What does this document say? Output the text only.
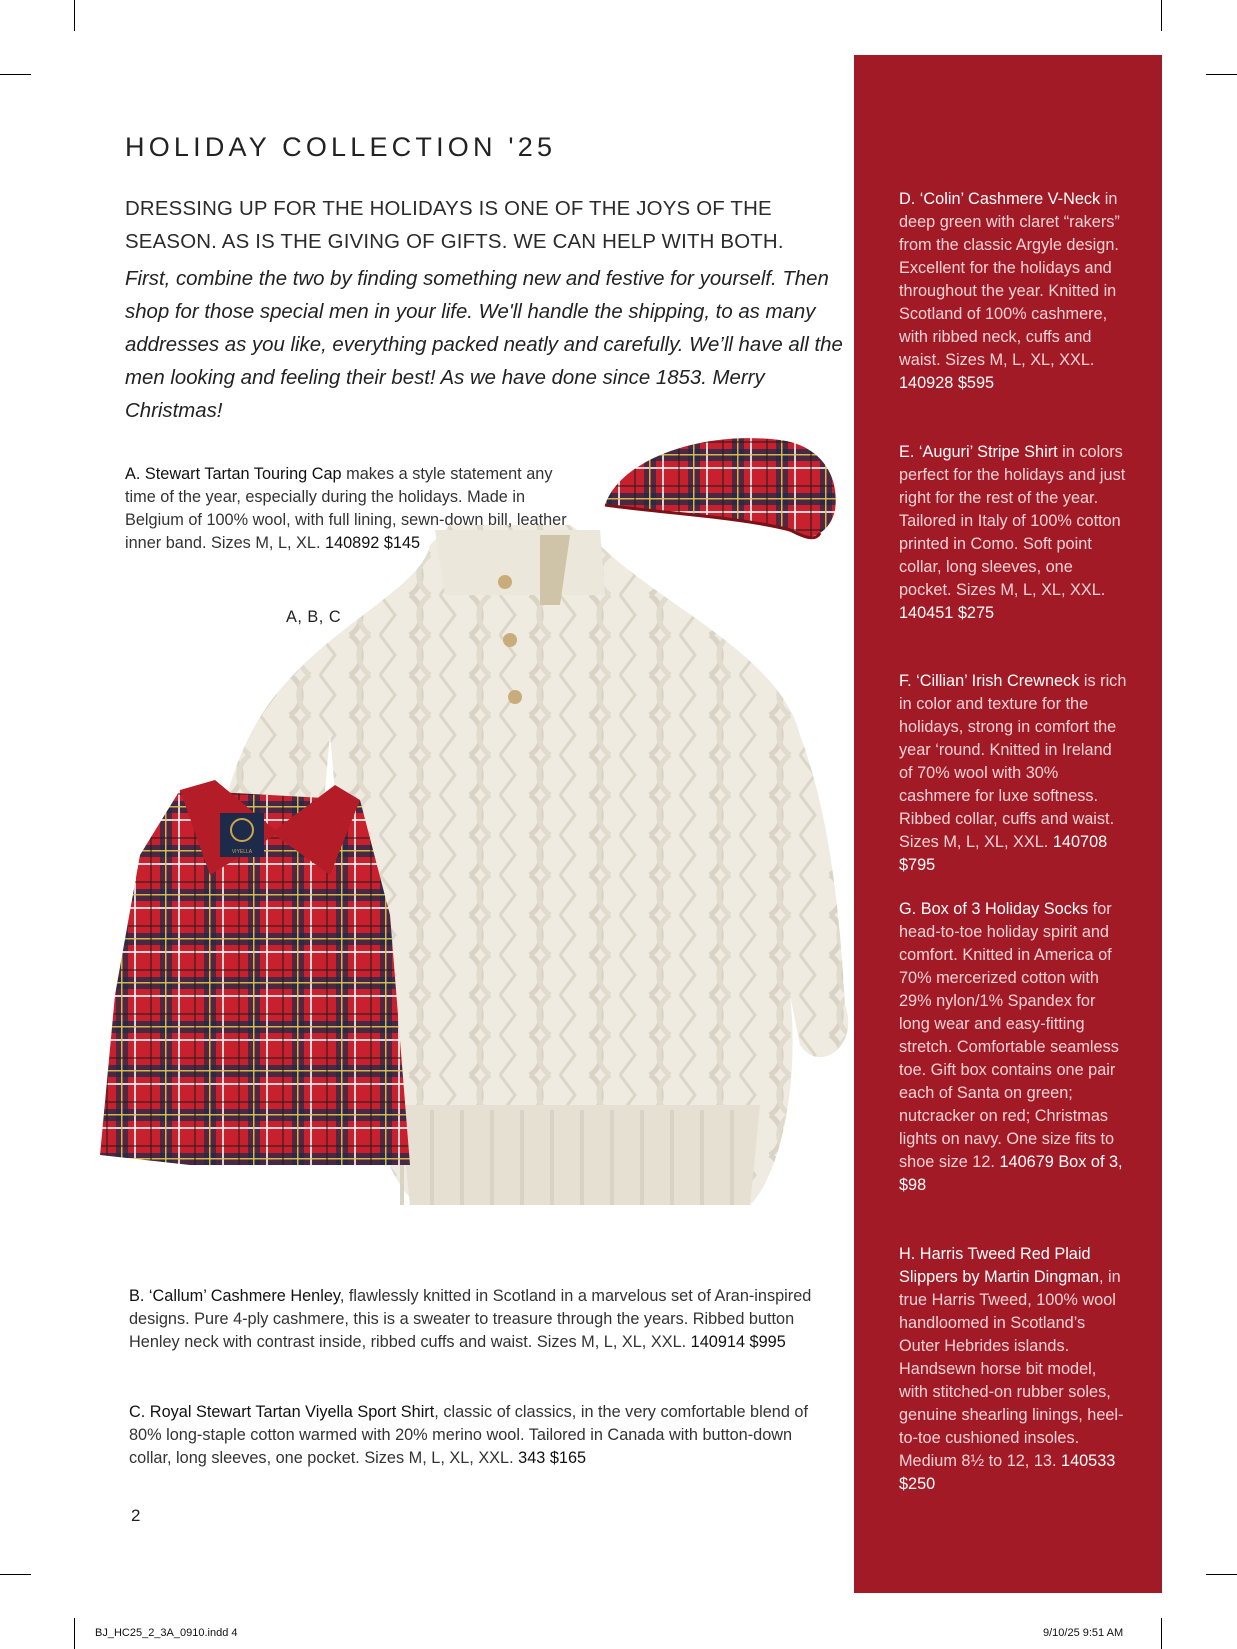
HOLIDAY COLLECTION '25
DRESSING UP FOR THE HOLIDAYS IS ONE OF THE JOYS OF THE SEASON. AS IS THE GIVING OF GIFTS. WE CAN HELP WITH BOTH.
First, combine the two by finding something new and festive for yourself. Then shop for those special men in your life. We'll handle the shipping, to as many addresses as you like, everything packed neatly and carefully. We’ll have all the men looking and feeling their best! As we have done since 1853. Merry Christmas!
VIYELLA
A. Stewart Tartan Touring Cap makes a style statement any time of the year, especially during the holidays. Made in Belgium of 100% wool, with full lining, sewn-down bill, leather inner band. Sizes M, L, XL. 140892 $145
A, B, C
B. ‘Callum’ Cashmere Henley, flawlessly knitted in Scotland in a marvelous set of Aran-inspired designs. Pure 4-ply cashmere, this is a sweater to treasure through the years. Ribbed button Henley neck with contrast inside, ribbed cuffs and waist. Sizes M, L, XL, XXL. 140914 $995
C. Royal Stewart Tartan Viyella Sport Shirt, classic of classics, in the very comfortable blend of 80% long-staple cotton warmed with 20% merino wool. Tailored in Canada with button-down collar, long sleeves, one pocket. Sizes M, L, XL, XXL. 343 $165
2
D. ‘Colin’ Cashmere V-Neck in deep green with claret “rakers” from the classic Argyle design. Excellent for the holidays and throughout the year. Knitted in Scotland of 100% cashmere, with ribbed neck, cuffs and waist. Sizes M, L, XL, XXL. 140928 $595
E. ‘Auguri’ Stripe Shirt in colors perfect for the holidays and just right for the rest of the year. Tailored in Italy of 100% cotton printed in Como. Soft point collar, long sleeves, one pocket. Sizes M, L, XL, XXL. 140451 $275
F. ‘Cillian’ Irish Crewneck is rich in color and texture for the holidays, strong in comfort the year ‘round. Knitted in Ireland of 70% wool with 30% cashmere for luxe softness. Ribbed collar, cuffs and waist. Sizes M, L, XL, XXL. 140708 $795
G. Box of 3 Holiday Socks for head-to-toe holiday spirit and comfort. Knitted in America of 70% mercerized cotton with 29% nylon/1% Spandex for long wear and easy-fitting stretch. Comfortable seamless toe. Gift box contains one pair each of Santa on green; nutcracker on red; Christmas lights on navy. One size fits to shoe size 12. 140679 Box of 3, $98
H. Harris Tweed Red Plaid Slippers by Martin Dingman, in true Harris Tweed, 100% wool handloomed in Scotland’s Outer Hebrides islands. Handsewn horse bit model, with stitched-on rubber soles, genuine shearling linings, heel-to-toe cushioned insoles. Medium 8½ to 12, 13. 140533 $250
BJ_HC25_2_3A_0910.indd 4	9/10/25 9:51 AM
